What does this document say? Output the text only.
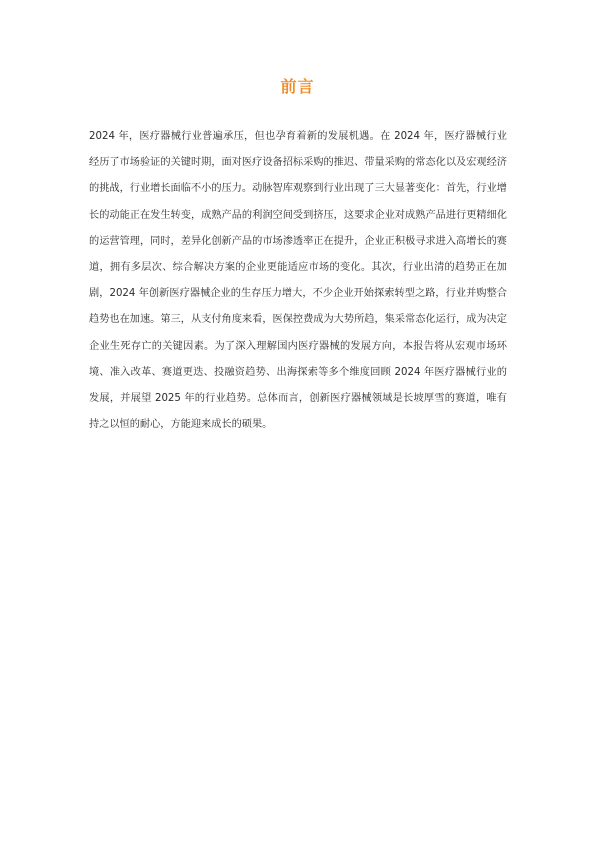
前言

2024 年，医疗器械行业普遍承压，但也孕育着新的发展机遇。在 2024 年，医疗器械行业经历了市场验证的关键时期，面对医疗设备招标采购的推迟、带量采购的常态化以及宏观经济的挑战，行业增长面临不小的压力。动脉智库观察到行业出现了三大显著变化：首先，行业增长的动能正在发生转变，成熟产品的利润空间受到挤压，这要求企业对成熟产品进行更精细化的运营管理，同时，差异化创新产品的市场渗透率正在提升，企业正积极寻求进入高增长的赛道，拥有多层次、综合解决方案的企业更能适应市场的变化。其次，行业出清的趋势正在加剧，2024 年创新医疗器械企业的生存压力增大，不少企业开始探索转型之路，行业并购整合趋势也在加速。第三，从支付角度来看，医保控费成为大势所趋，集采常态化运行，成为决定企业生死存亡的关键因素。为了深入理解国内医疗器械的发展方向，本报告将从宏观市场环境、准入改革、赛道更迭、投融资趋势、出海探索等多个维度回顾 2024 年医疗器械行业的发展，并展望 2025 年的行业趋势。总体而言，创新医疗器械领域是长坡厚雪的赛道，唯有持之以恒的耐心，方能迎来成长的硕果。
